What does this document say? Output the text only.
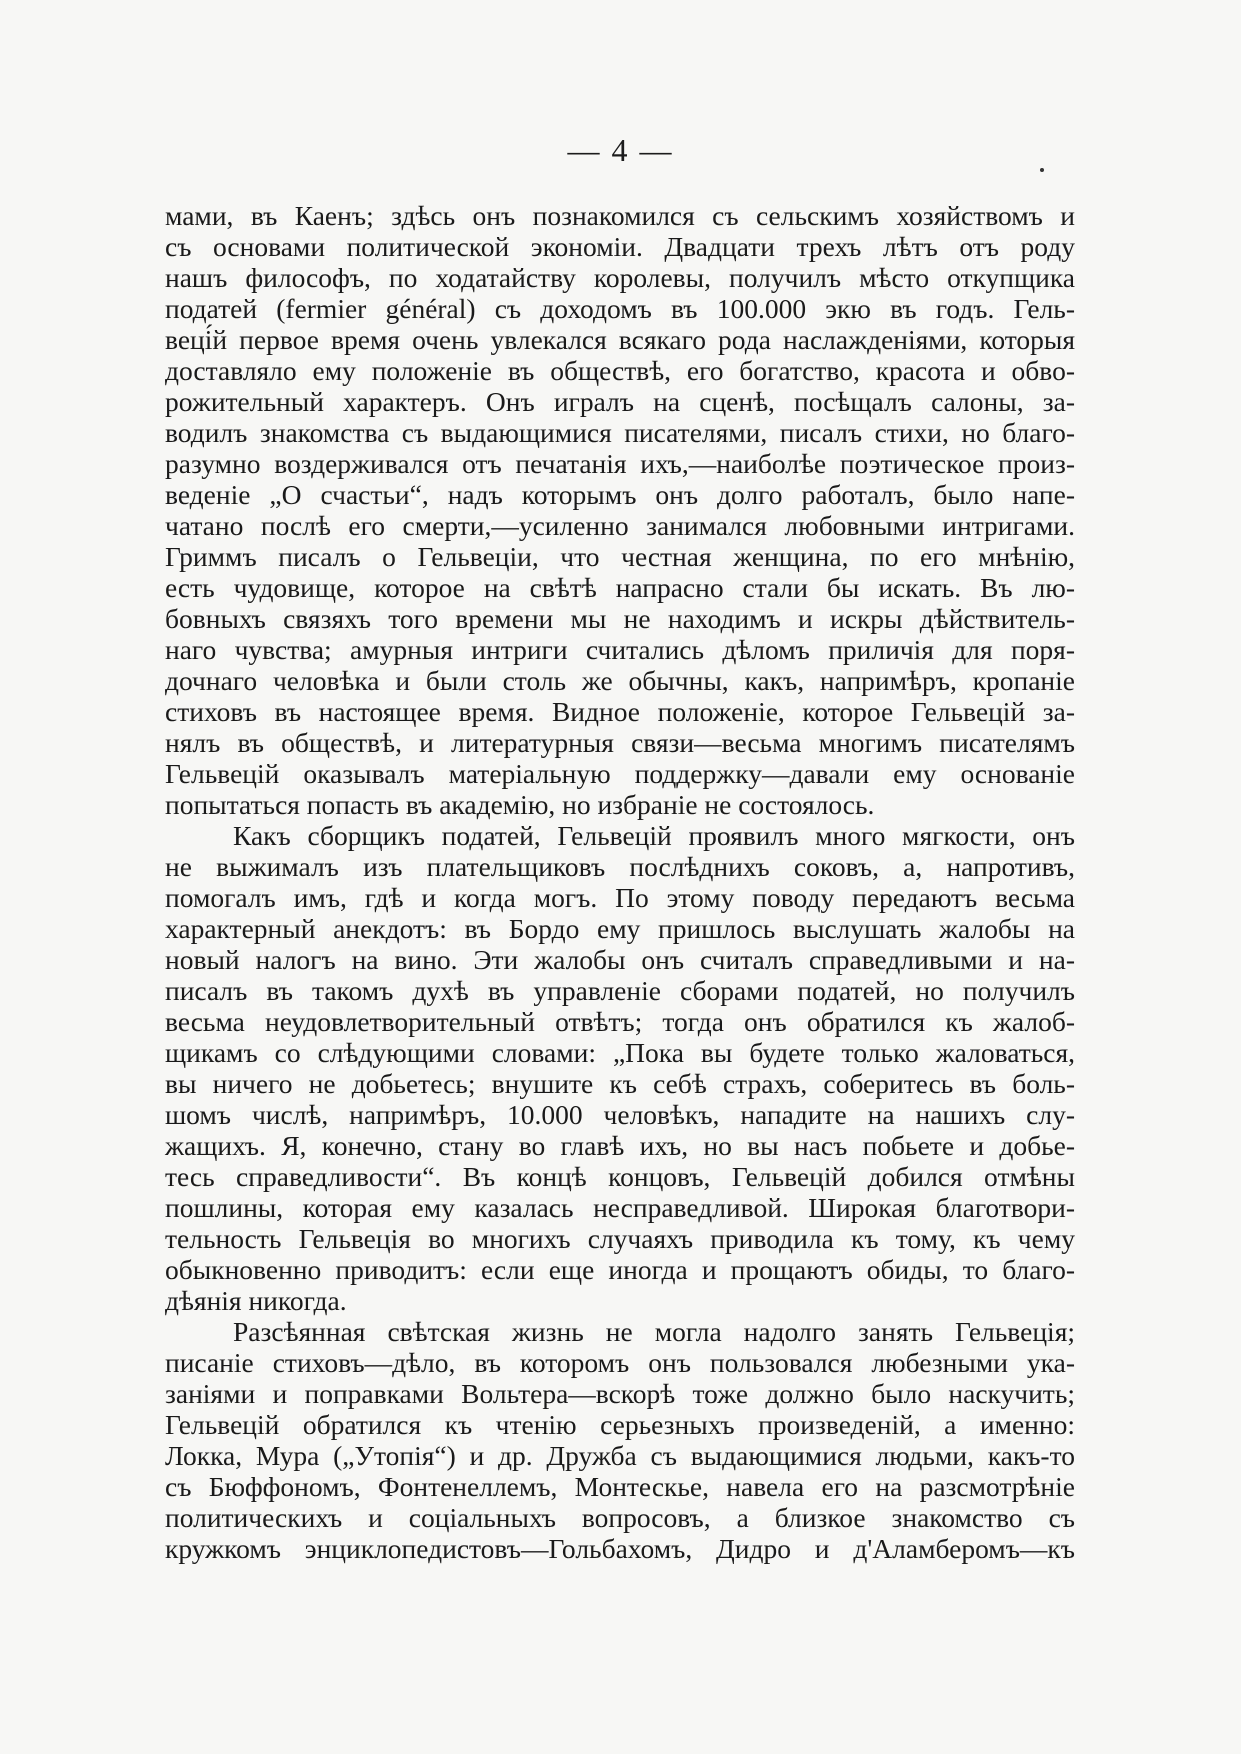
— 4 —
мами, въ Каенъ; здѣсь онъ познакомился съ сельскимъ хозяйствомъ и
съ основами политической экономіи. Двадцати трехъ лѣтъ отъ роду
нашъ философъ, по ходатайству королевы, получилъ мѣсто откупщика
податей (fermier général) съ доходомъ въ 100.000 экю въ годъ. Гель-
веці́й первое время очень увлекался всякаго рода наслажденіями, которыя
доставляло ему положеніе въ обществѣ, его богатство, красота и обво-
рожительный характеръ. Онъ игралъ на сценѣ, посѣщалъ салоны, за-
водилъ знакомства съ выдающимися писателями, писалъ стихи, но благо-
разумно воздерживался отъ печатанія ихъ,—наиболѣе поэтическое произ-
веденіе „О счастьи“, надъ которымъ онъ долго работалъ, было напе-
чатано послѣ его смерти,—усиленно занимался любовными интригами.
Гриммъ писалъ о Гельвеціи, что честная женщина, по его мнѣнію,
есть чудовище, которое на свѣтѣ напрасно стали бы искать. Въ лю-
бовныхъ связяхъ того времени мы не находимъ и искры дѣйствитель-
наго чувства; амурныя интриги считались дѣломъ приличія для поря-
дочнаго человѣка и были столь же обычны, какъ, напримѣръ, кропаніе
стиховъ въ настоящее время. Видное положеніе, которое Гельвецій за-
нялъ въ обществѣ, и литературныя связи—весьма многимъ писателямъ
Гельвецій оказывалъ матеріальную поддержку—давали ему основаніе
попытаться попасть въ академію, но избраніе не состоялось.
Какъ сборщикъ податей, Гельвецій проявилъ много мягкости, онъ
не выжималъ изъ плательщиковъ послѣднихъ соковъ, а, напротивъ,
помогалъ имъ, гдѣ и когда могъ. По этому поводу передаютъ весьма
характерный анекдотъ: въ Бордо ему пришлось выслушать жалобы на
новый налогъ на вино. Эти жалобы онъ считалъ справедливыми и на-
писалъ въ такомъ духѣ въ управленіе сборами податей, но получилъ
весьма неудовлетворительный отвѣтъ; тогда онъ обратился къ жалоб-
щикамъ со слѣдующими словами: „Пока вы будете только жаловаться,
вы ничего не добьетесь; внушите къ себѣ страхъ, соберитесь въ боль-
шомъ числѣ, напримѣръ, 10.000 человѣкъ, нападите на нашихъ слу-
жащихъ. Я, конечно, стану во главѣ ихъ, но вы насъ побьете и добье-
тесь справедливости“. Въ концѣ концовъ, Гельвецій добился отмѣны
пошлины, которая ему казалась несправедливой. Широкая благотвори-
тельность Гельвеція во многихъ случаяхъ приводила къ тому, къ чему
обыкновенно приводитъ: если еще иногда и прощаютъ обиды, то благо-
дѣянія никогда.
Разсѣянная свѣтская жизнь не могла надолго занять Гельвеція;
писаніе стиховъ—дѣло, въ которомъ онъ пользовался любезными ука-
заніями и поправками Вольтера—вскорѣ тоже должно было наскучить;
Гельвецій обратился къ чтенію серьезныхъ произведеній, а именно:
Локка, Мура („Утопія“) и др. Дружба съ выдающимися людьми, какъ-то
съ Бюффономъ, Фонтенеллемъ, Монтескье, навела его на разсмотрѣніе
политическихъ и соціальныхъ вопросовъ, а близкое знакомство съ
кружкомъ энциклопедистовъ—Гольбахомъ, Дидро и д'Аламберомъ—къ
